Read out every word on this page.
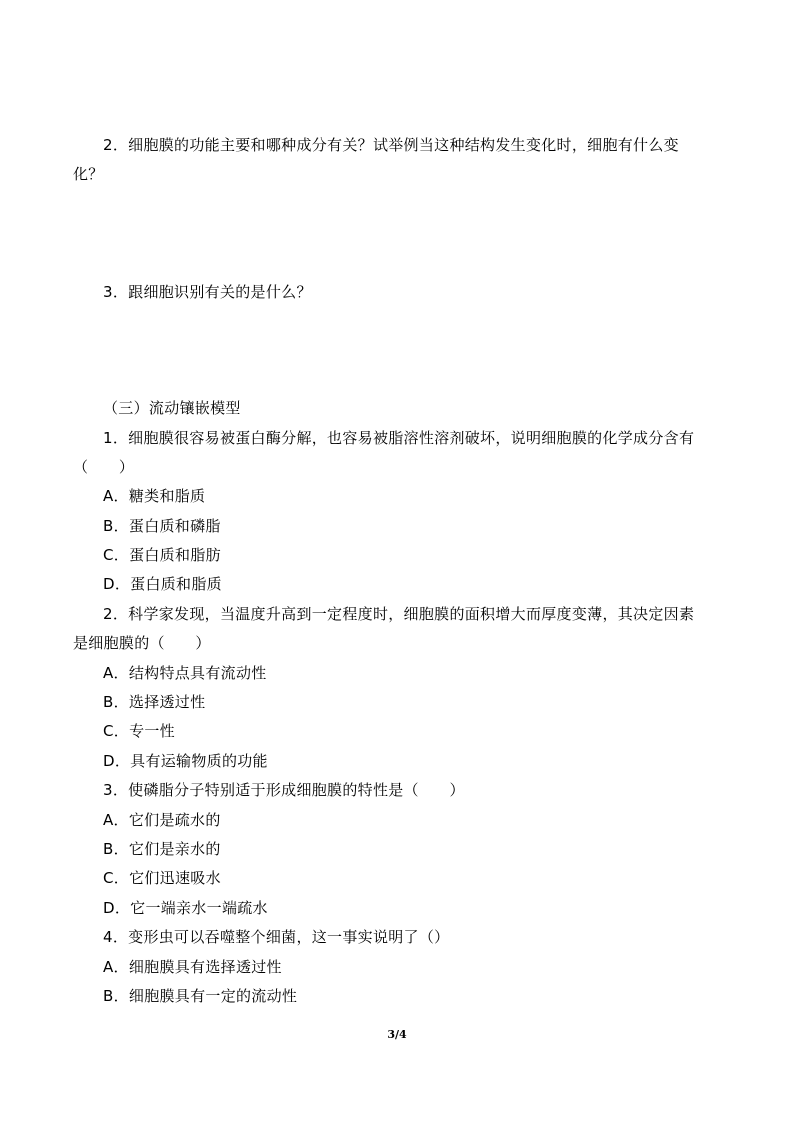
2．细胞膜的功能主要和哪种成分有关？试举例当这种结构发生变化时，细胞有什么变
化？
3．跟细胞识别有关的是什么？
（三）流动镶嵌模型
1．细胞膜很容易被蛋白酶分解，也容易被脂溶性溶剂破坏，说明细胞膜的化学成分含有
（　　）
A．糖类和脂质
B．蛋白质和磷脂
C．蛋白质和脂肪
D．蛋白质和脂质
2．科学家发现，当温度升高到一定程度时，细胞膜的面积增大而厚度变薄，其决定因素
是细胞膜的（　　）
A．结构特点具有流动性
B．选择透过性
C．专一性
D．具有运输物质的功能
3．使磷脂分子特别适于形成细胞膜的特性是（　　）
A．它们是疏水的
B．它们是亲水的
C．它们迅速吸水
D．它一端亲水一端疏水
4．变形虫可以吞噬整个细菌，这一事实说明了（）
A．细胞膜具有选择透过性
B．细胞膜具有一定的流动性
3/4
